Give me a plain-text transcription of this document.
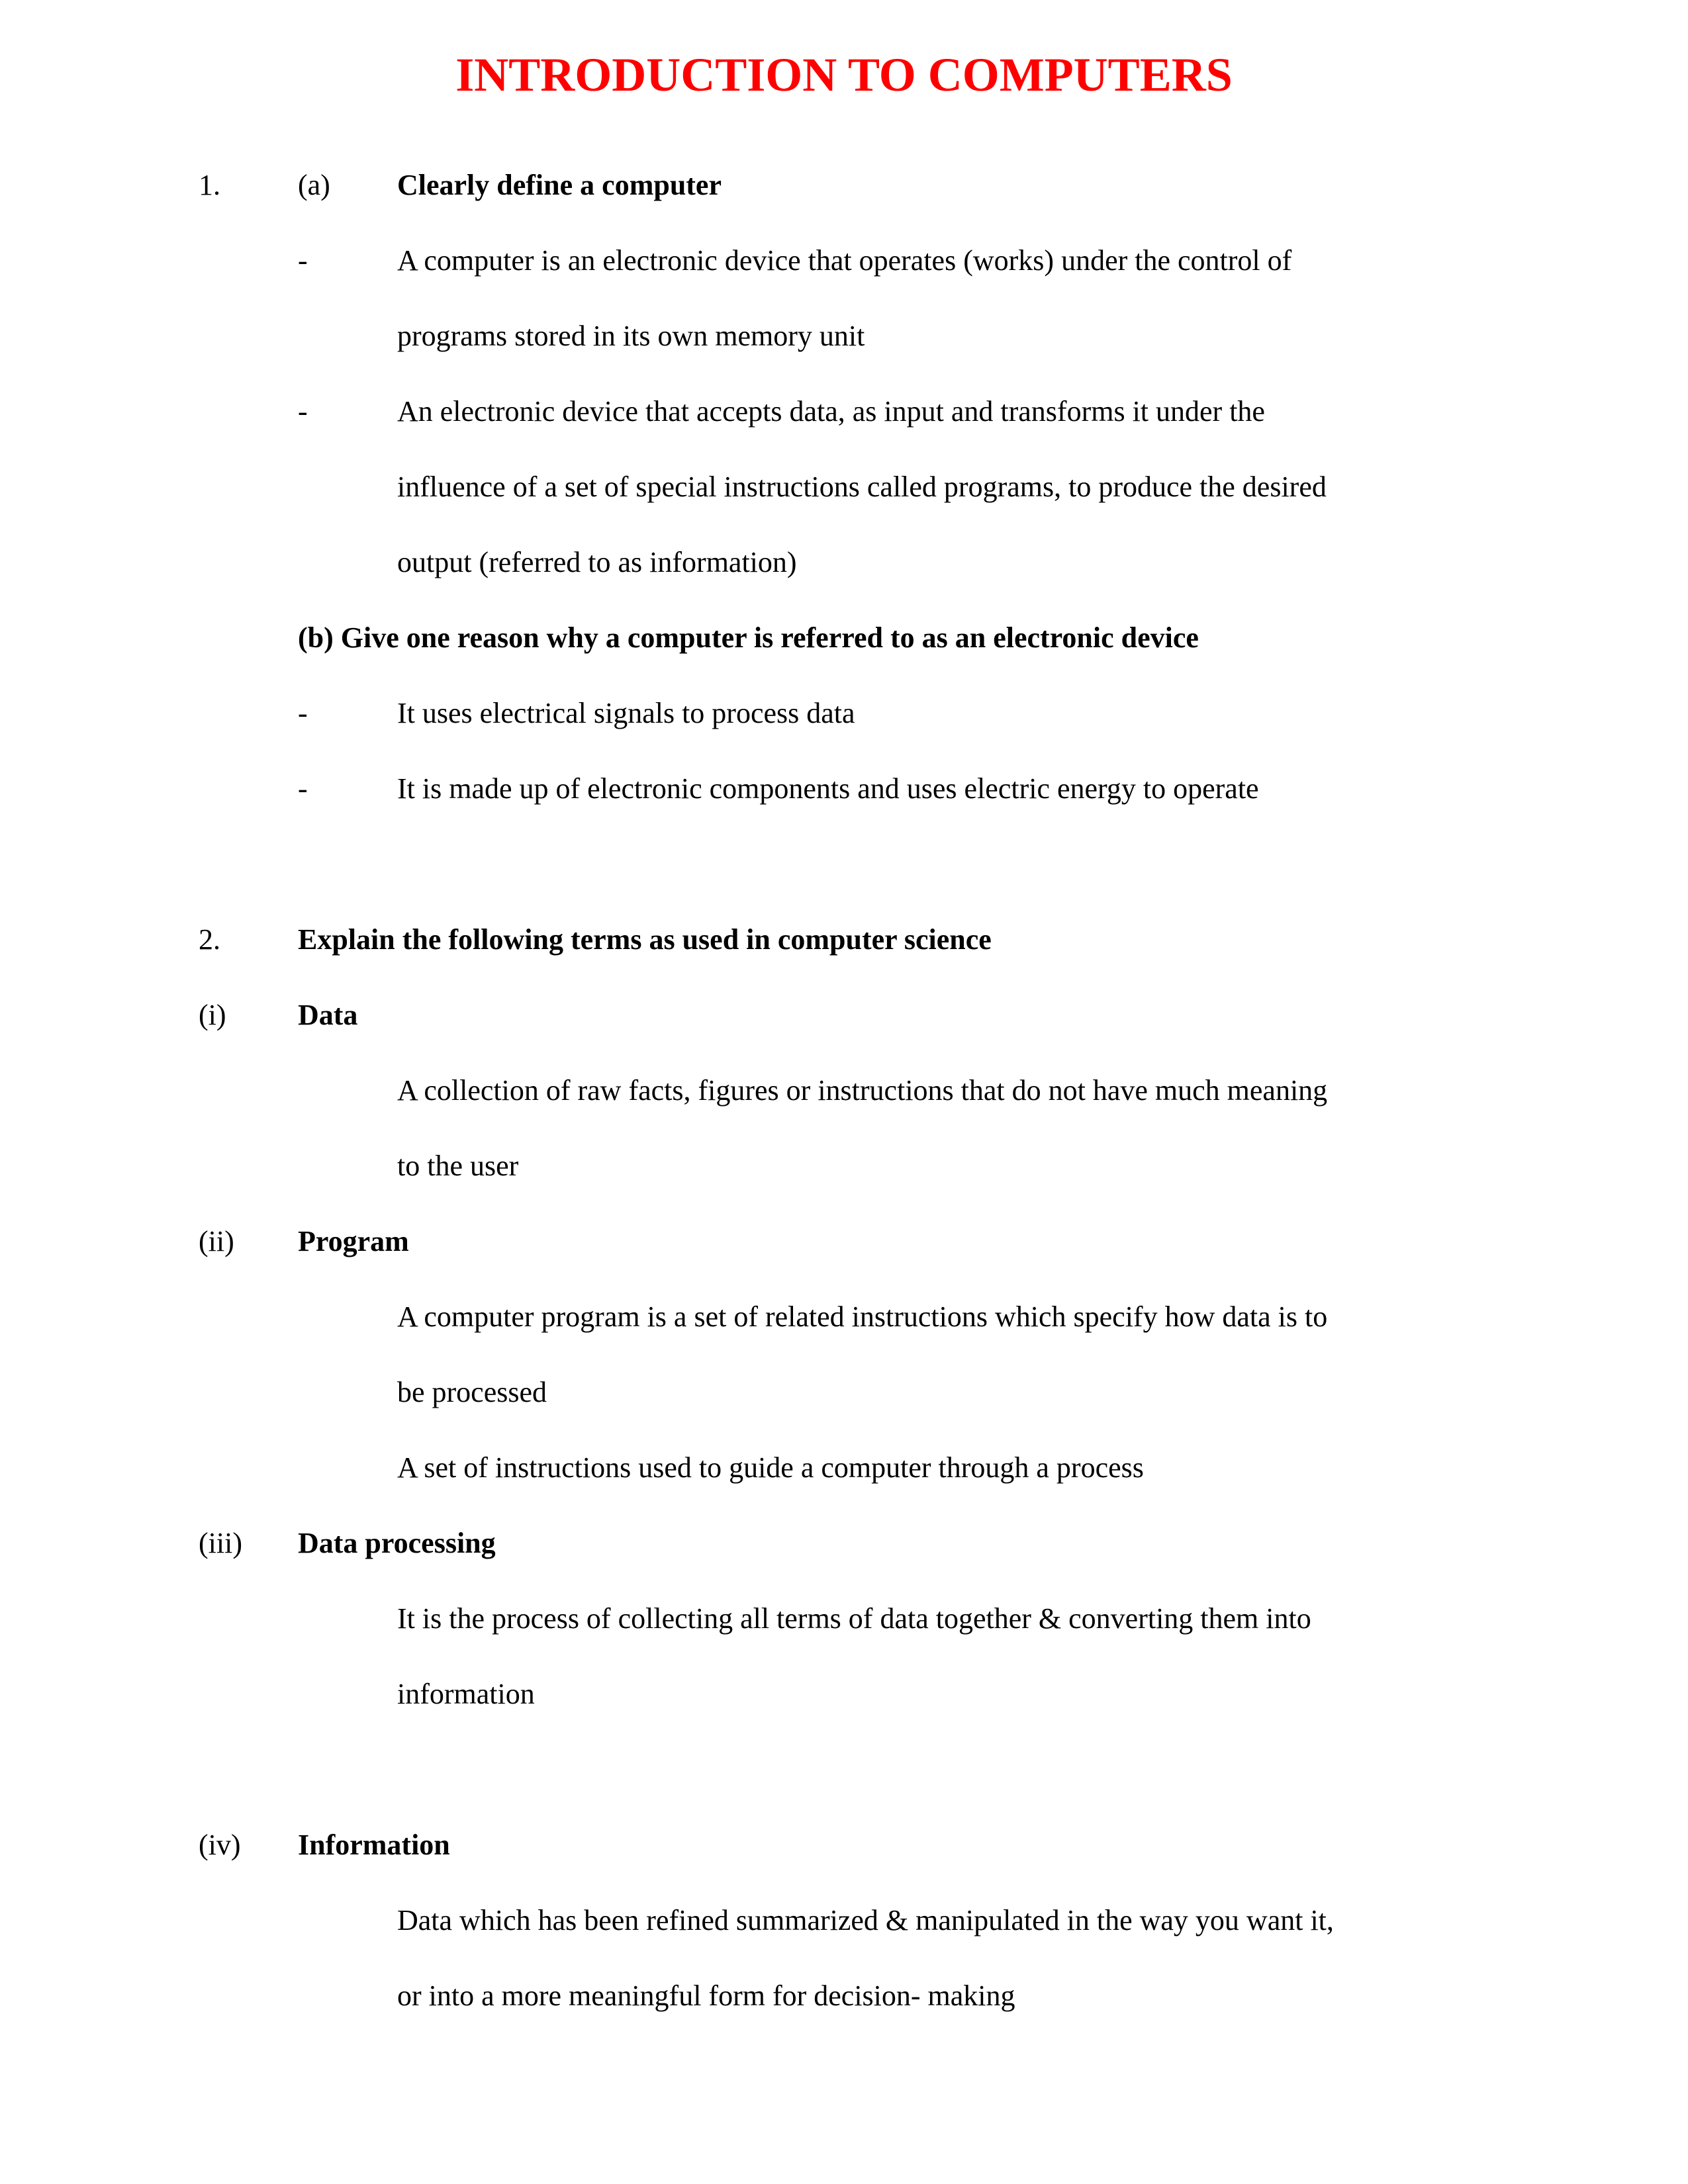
INTRODUCTION TO COMPUTERS
1.	(a) Clearly define a computer
-	A computer is an electronic device that operates (works) under the control of
programs stored in its own memory unit
-	An electronic device that accepts data, as input and transforms it under the
influence of a set of special instructions called programs, to produce the desired
output (referred to as information)
(b) Give one reason why a computer is referred to as an electronic device
-	It uses electrical signals to process data
-	It is made up of electronic components and uses electric energy to operate
2.	Explain the following terms as used in computer science
(i) Data
A collection of raw facts, figures or instructions that do not have much meaning
to the user
(ii) Program
A computer program is a set of related instructions which specify how data is to
be processed
A set of instructions used to guide a computer through a process
(iii) Data processing
It is the process of collecting all terms of data together & converting them into
information
(iv) Information
Data which has been refined summarized & manipulated in the way you want it,
or into a more meaningful form for decision- making
